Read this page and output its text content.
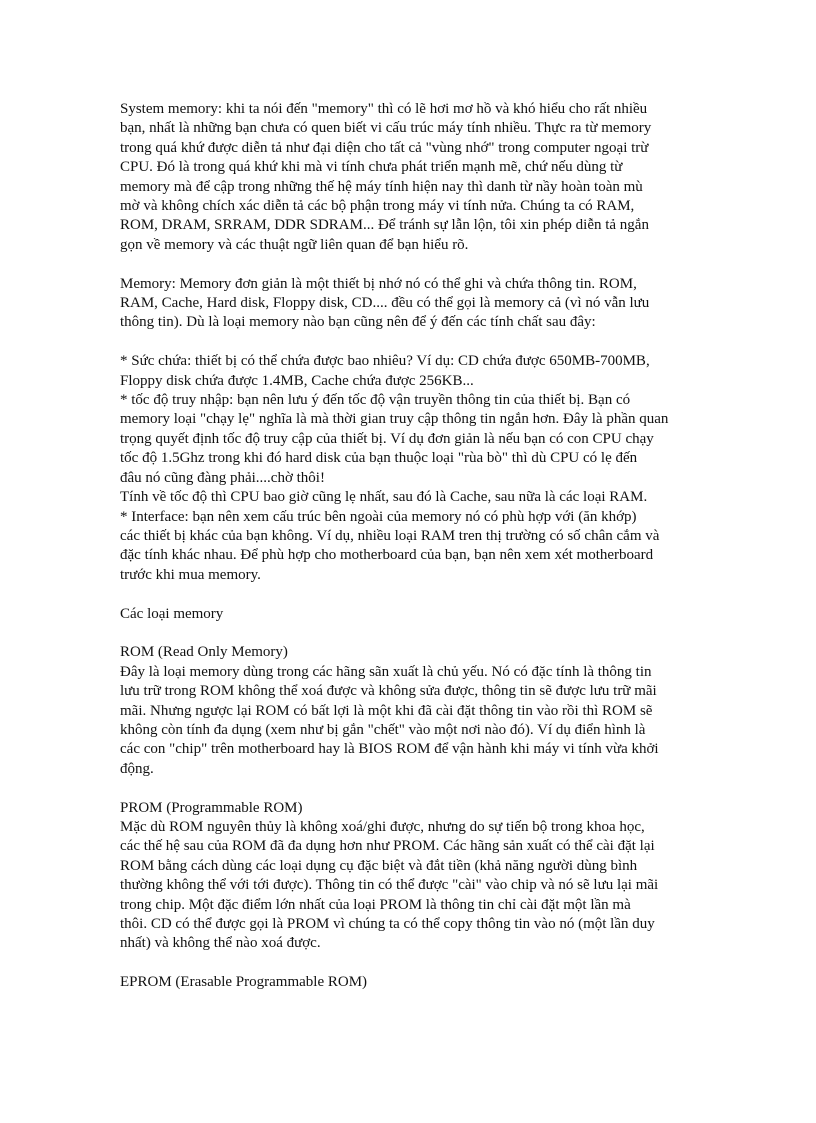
System memory: khi ta nói đến "memory" thì có lẽ hơi mơ hồ và khó hiểu cho rất nhiều
bạn, nhất là những bạn chưa có quen biết vi cấu trúc máy tính nhiều. Thực ra từ memory
trong quá khứ được diễn tả như đại diện cho tất cả "vùng nhớ" trong computer ngoại trừ
CPU. Đó là trong quá khứ khi mà vi tính chưa phát triển mạnh mẽ, chứ nếu dùng từ
memory mà để cập trong những thế hệ máy tính hiện nay thì danh từ nầy hoàn toàn mù
mờ và không chích xác diễn tả các bộ phận trong máy vi tính nửa. Chúng ta có RAM,
ROM, DRAM, SRRAM, DDR SDRAM... Để tránh sự lẫn lộn, tôi xin phép diễn tả ngắn
gọn về memory và các thuật ngữ liên quan để bạn hiểu rõ.

Memory: Memory đơn giản là một thiết bị nhớ nó có thể ghi và chứa thông tin. ROM,
RAM, Cache, Hard disk, Floppy disk, CD.... đều có thể gọi là memory cả (vì nó vẫn lưu
thông tin). Dù là loại memory nào bạn cũng nên để ý đến các tính chất sau đây:

* Sức chứa: thiết bị có thể chứa được bao nhiêu? Ví dụ: CD chứa được 650MB-700MB,
Floppy disk chứa được 1.4MB, Cache chứa được 256KB...
* tốc độ truy nhập: bạn nên lưu ý đến tốc độ vận truyền thông tin của thiết bị. Bạn có
memory loại "chạy lẹ" nghĩa là mà thời gian truy cập thông tin ngắn hơn. Đây là phần quan
trọng quyết định tốc độ truy cập của thiết bị. Ví dụ đơn giản là nếu bạn có con CPU chạy
tốc độ 1.5Ghz trong khi đó hard disk của bạn thuộc loại "rùa bò" thì dù CPU có lẹ đến
đâu nó cũng đàng phải....chờ thôi!
Tính về tốc độ thì CPU bao giờ cũng lẹ nhất, sau đó là Cache, sau nữa là các loại RAM.
* Interface: bạn nên xem cấu trúc bên ngoài của memory nó có phù hợp với (ăn khớp)
các thiết bị khác của bạn không. Ví dụ, nhiều loại RAM tren thị trường có số chân cắm và
đặc tính khác nhau. Để phù hợp cho motherboard của bạn, bạn nên xem xét motherboard
trước khi mua memory.

Các loại memory

ROM (Read Only Memory)
Đây là loại memory dùng trong các hãng sãn xuất là chủ yếu. Nó có đặc tính là thông tin
lưu trữ trong ROM không thể xoá được và không sửa được, thông tin sẽ được lưu trữ mãi
mãi. Nhưng ngược lại ROM có bất lợi là một khi đã cài đặt thông tin vào rồi thì ROM sẽ
không còn tính đa dụng (xem như bị gắn "chết" vào một nơi nào đó). Ví dụ điển hình là
các con "chip" trên motherboard hay là BIOS ROM để vận hành khi máy vi tính vừa khởi
động.

PROM (Programmable ROM)
Mặc dù ROM nguyên thủy là không xoá/ghi được, nhưng do sự tiến bộ trong khoa học,
các thế hệ sau của ROM đã đa dụng hơn như PROM. Các hãng sản xuất có thể cài đặt lại
ROM bằng cách dùng các loại dụng cụ đặc biệt và đắt tiền (khả năng người dùng bình
thường không thể với tới được). Thông tin có thể được "cài" vào chip và nó sẽ lưu lại mãi
trong chip. Một đặc điểm lớn nhất của loại PROM là thông tin chỉ cài đặt một lần mà
thôi. CD có thể được gọi là PROM vì chúng ta có thể copy thông tin vào nó (một lần duy
nhất) và không thể nào xoá được.

EPROM (Erasable Programmable ROM)
